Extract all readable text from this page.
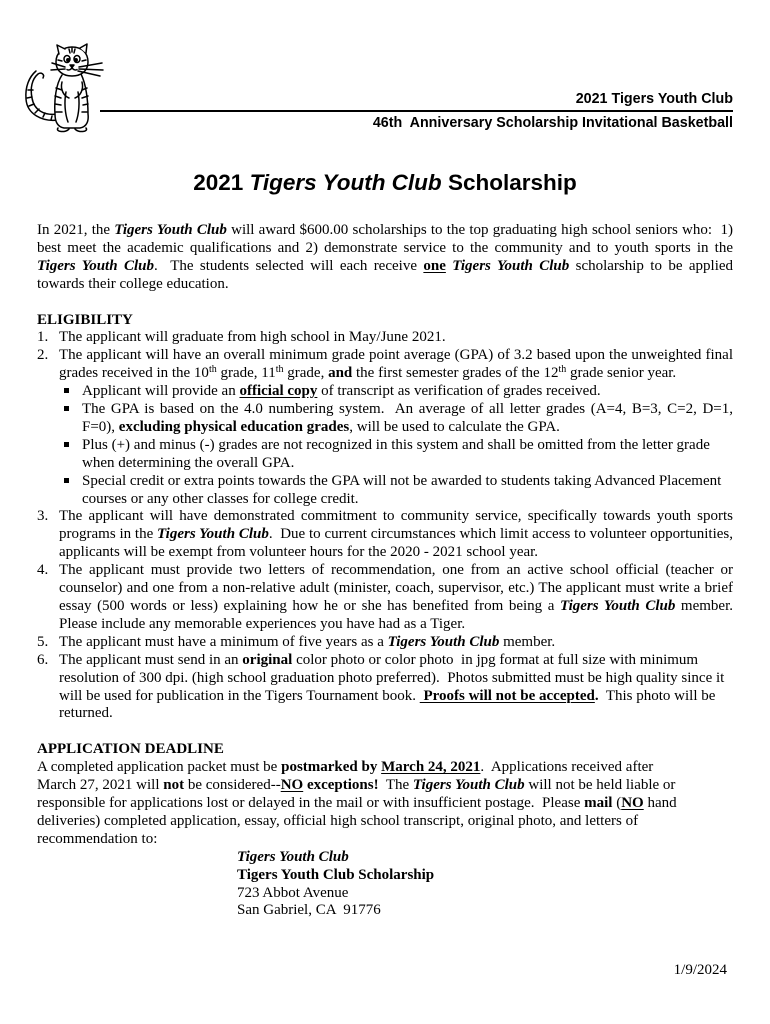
2021 Tigers Youth Club
46th  Anniversary Scholarship Invitational Basketball
2021 Tigers Youth Club Scholarship

In 2021, the Tigers Youth Club will award $600.00 scholarships to the top graduating high school seniors who:  1) best meet the academic qualifications and 2) demonstrate service to the community and to youth sports in the Tigers Youth Club.  The students selected will each receive one Tigers Youth Club scholarship to be applied towards their college education.

ELIGIBILITY
1. The applicant will graduate from high school in May/June 2021.
2. The applicant will have an overall minimum grade point average (GPA) of 3.2 based upon the unweighted final grades received in the 10th grade, 11th grade, and the first semester grades of the 12th grade senior year.

Applicant will provide an official copy of transcript as verification of grades received.
The GPA is based on the 4.0 numbering system.  An average of all letter grades (A=4, B=3, C=2, D=1, F=0), excluding physical education grades, will be used to calculate the GPA.
Plus (+) and minus (-) grades are not recognized in this system and shall be omitted from the letter grade when determining the overall GPA.
Special credit or extra points towards the GPA will not be awarded to students taking Advanced Placement courses or any other classes for college credit.
3. The applicant will have demonstrated commitment to community service, specifically towards youth sports programs in the Tigers Youth Club.  Due to current circumstances which limit access to volunteer opportunities, applicants will be exempt from volunteer hours for the 2020 - 2021 school year.
4. The applicant must provide two letters of recommendation, one from an active school official (teacher or counselor) and one from a non-relative adult (minister, coach, supervisor, etc.) The applicant must write a brief essay (500 words or less) explaining how he or she has benefited from being a Tigers Youth Club member. Please include any memorable experiences you have had as a Tiger.
5. The applicant must have a minimum of five years as a Tigers Youth Club member.
6. The applicant must send in an original color photo or color photo  in jpg format at full size with minimum resolution of 300 dpi. (high school graduation photo preferred).  Photos submitted must be high quality since it will be used for publication in the Tigers Tournament book.  Proofs will not be accepted.  This photo will be returned.
APPLICATION DEADLINE

A completed application packet must be postmarked by March 24, 2021.  Applications received after March 27, 2021 will not be considered--NO exceptions!  The Tigers Youth Club will not be held liable or responsible for applications lost or delayed in the mail or with insufficient postage.  Please mail (NO hand deliveries) completed application, essay, official high school transcript, original photo, and letters of recommendation to:

Tigers Youth Club
Tigers Youth Club Scholarship
723 Abbot Avenue
San Gabriel, CA  91776
1/9/2024
